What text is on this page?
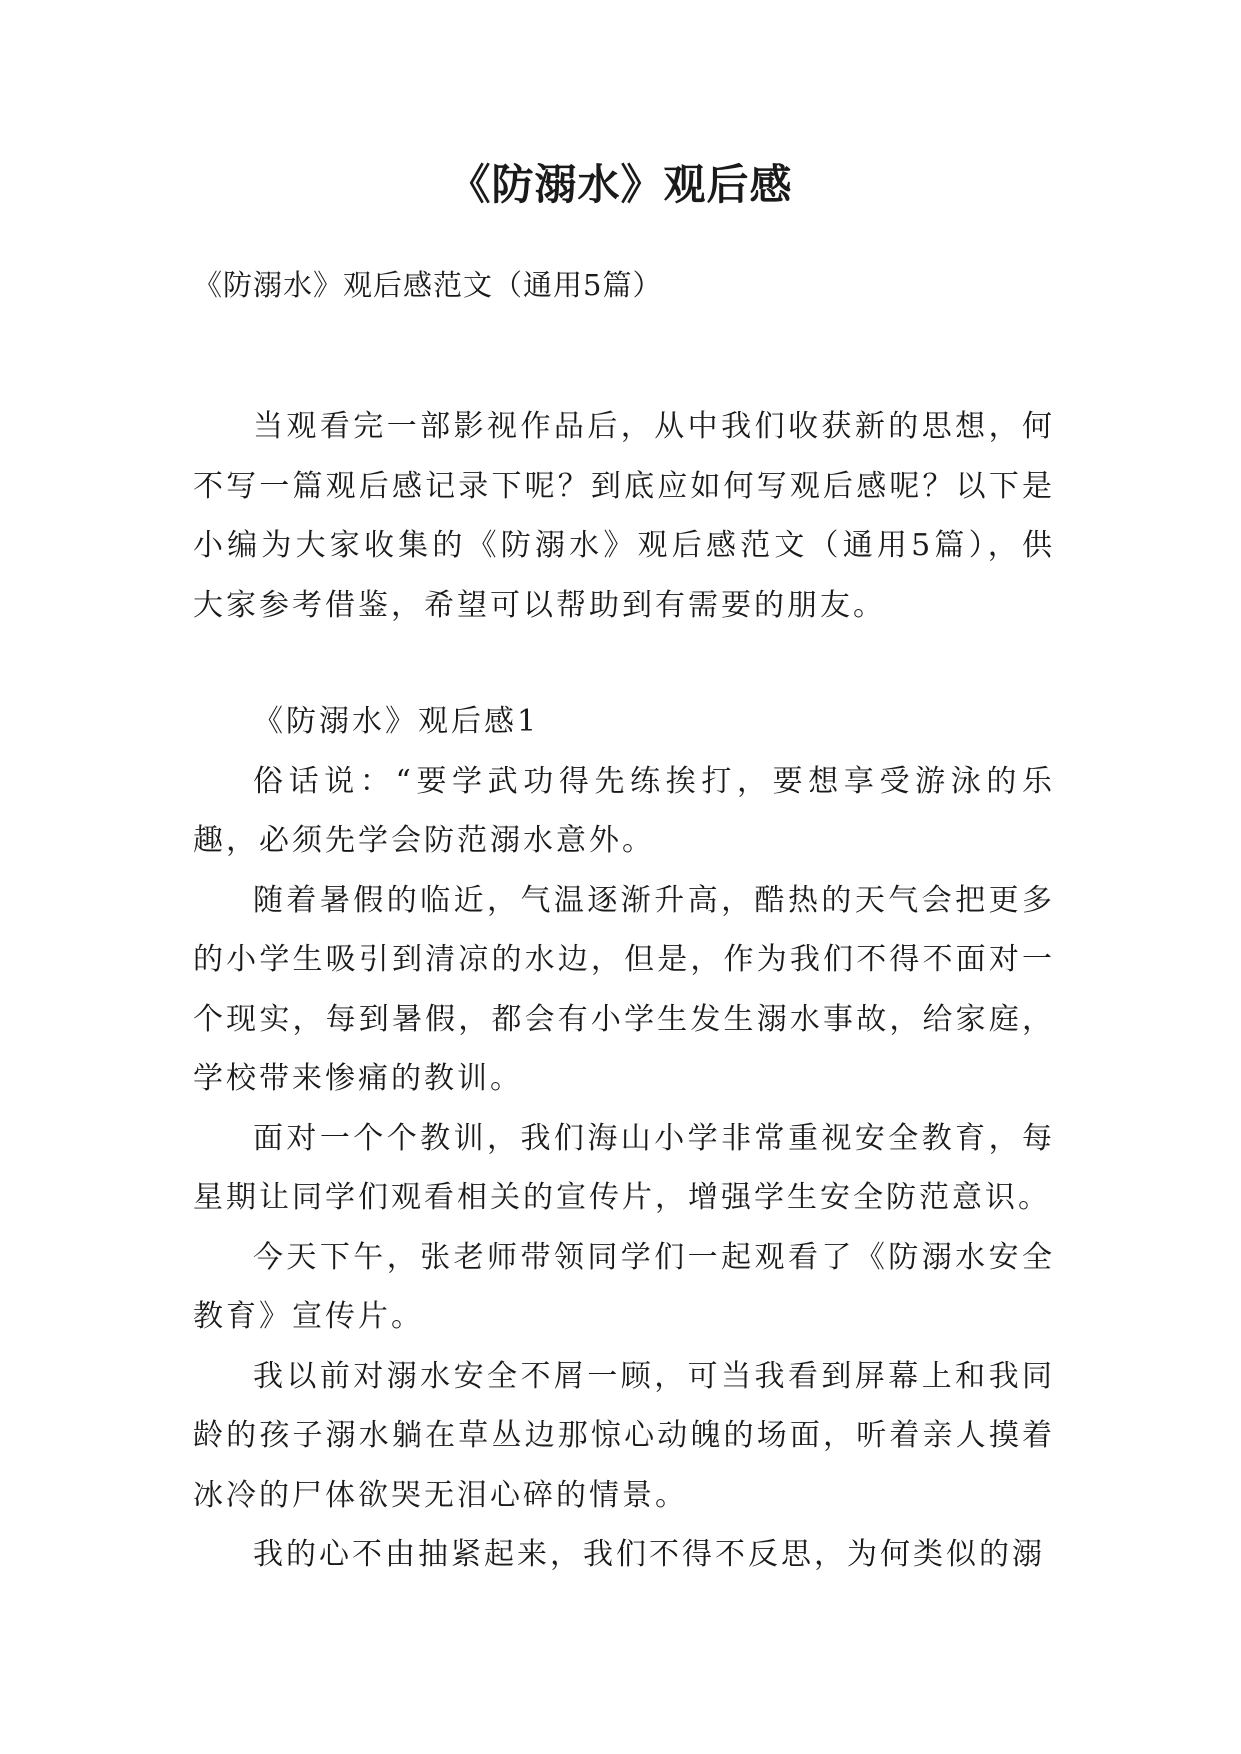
《防溺水》观后感
《防溺水》观后感范文（通用5篇）

当观看完一部影视作品后，从中我们收获新的思想，何不写一篇观后感记录下呢？到底应如何写观后感呢？以下是小编为大家收集的《防溺水》观后感范文（通用5篇），供大家参考借鉴，希望可以帮助到有需要的朋友。

《防溺水》观后感1

俗话说：“要学武功得先练挨打，要想享受游泳的乐趣，必须先学会防范溺水意外。

随着暑假的临近，气温逐渐升高，酷热的天气会把更多的小学生吸引到清凉的水边，但是，作为我们不得不面对一个现实，每到暑假，都会有小学生发生溺水事故，给家庭，学校带来惨痛的教训。

面对一个个教训，我们海山小学非常重视安全教育，每星期让同学们观看相关的宣传片，增强学生安全防范意识。

今天下午，张老师带领同学们一起观看了《防溺水安全教育》宣传片。

我以前对溺水安全不屑一顾，可当我看到屏幕上和我同龄的孩子溺水躺在草丛边那惊心动魄的场面，听着亲人摸着冰冷的尸体欲哭无泪心碎的情景。

我的心不由抽紧起来，我们不得不反思，为何类似的溺
